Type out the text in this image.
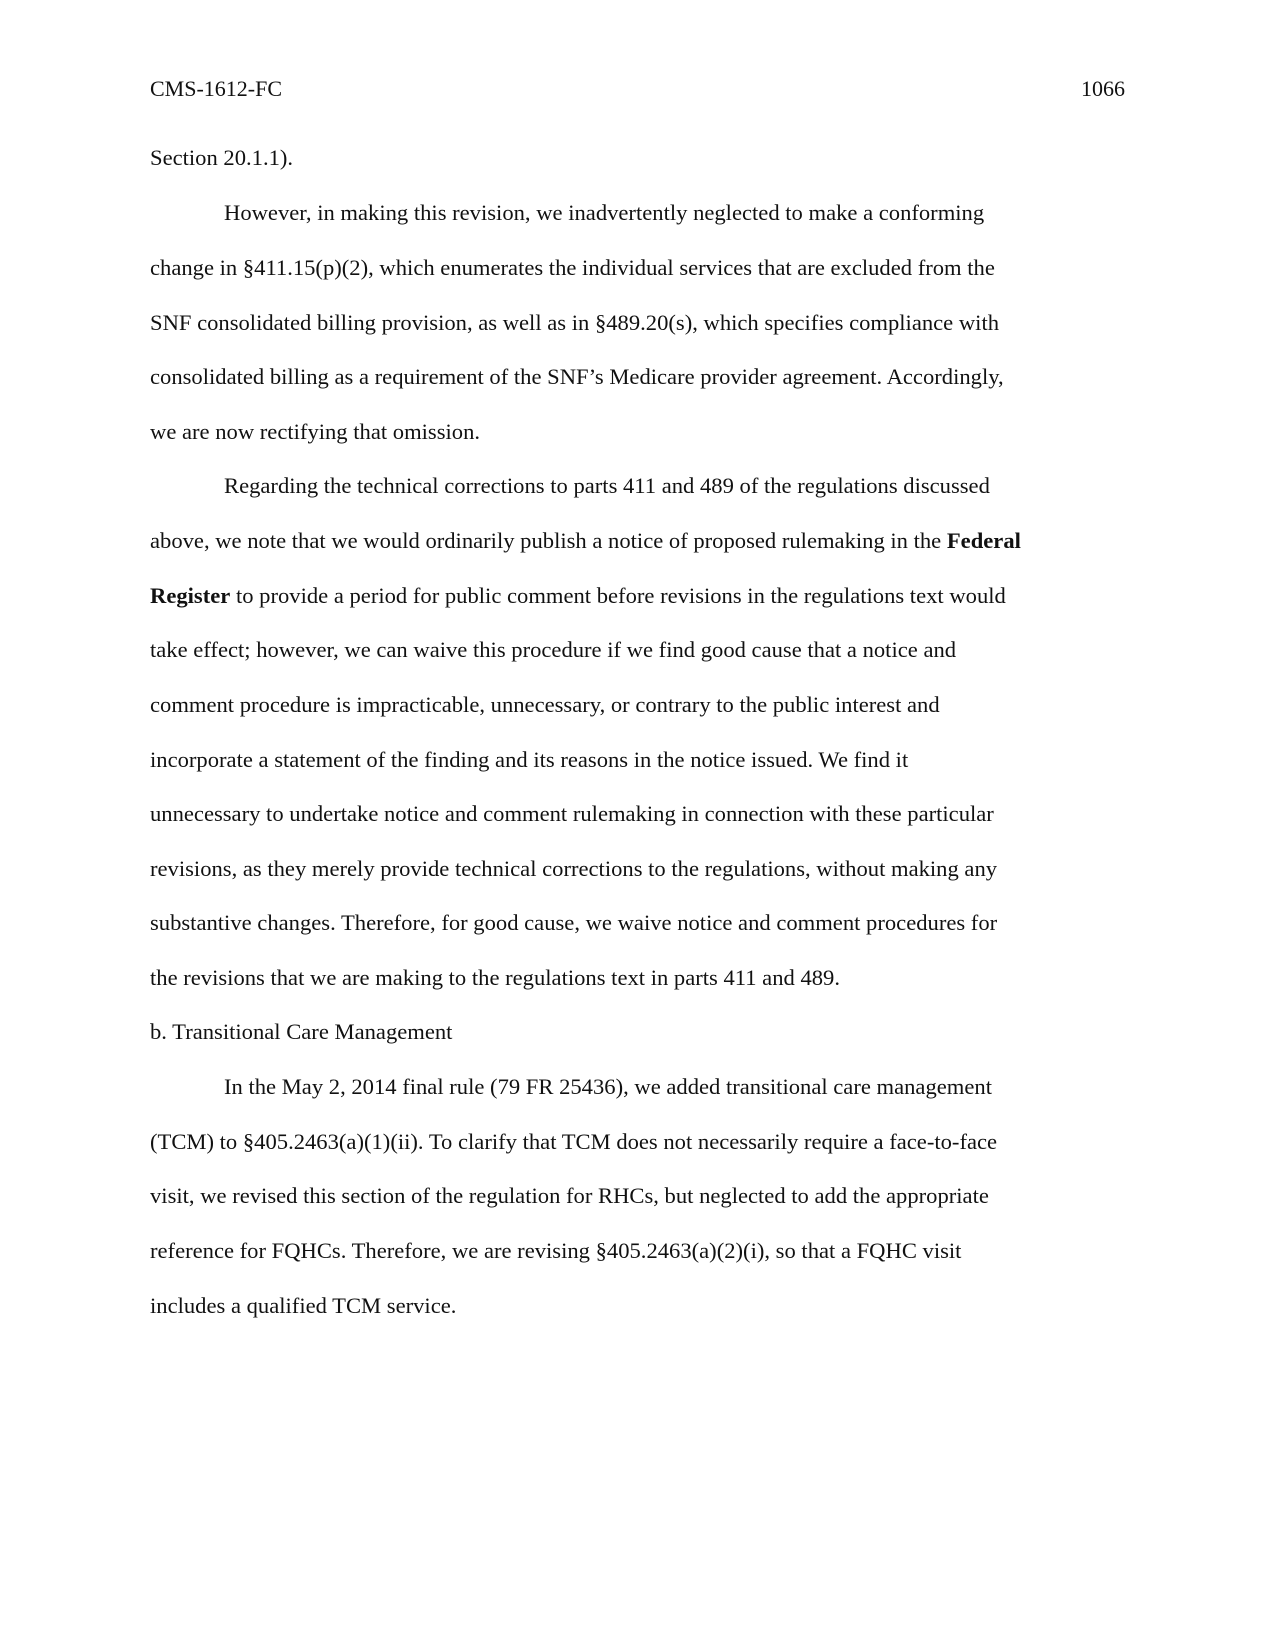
CMS-1612-FC	1066
Section 20.1.1).
However, in making this revision, we inadvertently neglected to make a conforming
change in §411.15(p)(2), which enumerates the individual services that are excluded from the
SNF consolidated billing provision, as well as in §489.20(s), which specifies compliance with
consolidated billing as a requirement of the SNF’s Medicare provider agreement. Accordingly,
we are now rectifying that omission.
Regarding the technical corrections to parts 411 and 489 of the regulations discussed
above, we note that we would ordinarily publish a notice of proposed rulemaking in the Federal
Register to provide a period for public comment before revisions in the regulations text would
take effect; however, we can waive this procedure if we find good cause that a notice and
comment procedure is impracticable, unnecessary, or contrary to the public interest and
incorporate a statement of the finding and its reasons in the notice issued. We find it
unnecessary to undertake notice and comment rulemaking in connection with these particular
revisions, as they merely provide technical corrections to the regulations, without making any
substantive changes. Therefore, for good cause, we waive notice and comment procedures for
the revisions that we are making to the regulations text in parts 411 and 489.
b. Transitional Care Management
In the May 2, 2014 final rule (79 FR 25436), we added transitional care management
(TCM) to §405.2463(a)(1)(ii). To clarify that TCM does not necessarily require a face-to-face
visit, we revised this section of the regulation for RHCs, but neglected to add the appropriate
reference for FQHCs. Therefore, we are revising §405.2463(a)(2)(i), so that a FQHC visit
includes a qualified TCM service.
